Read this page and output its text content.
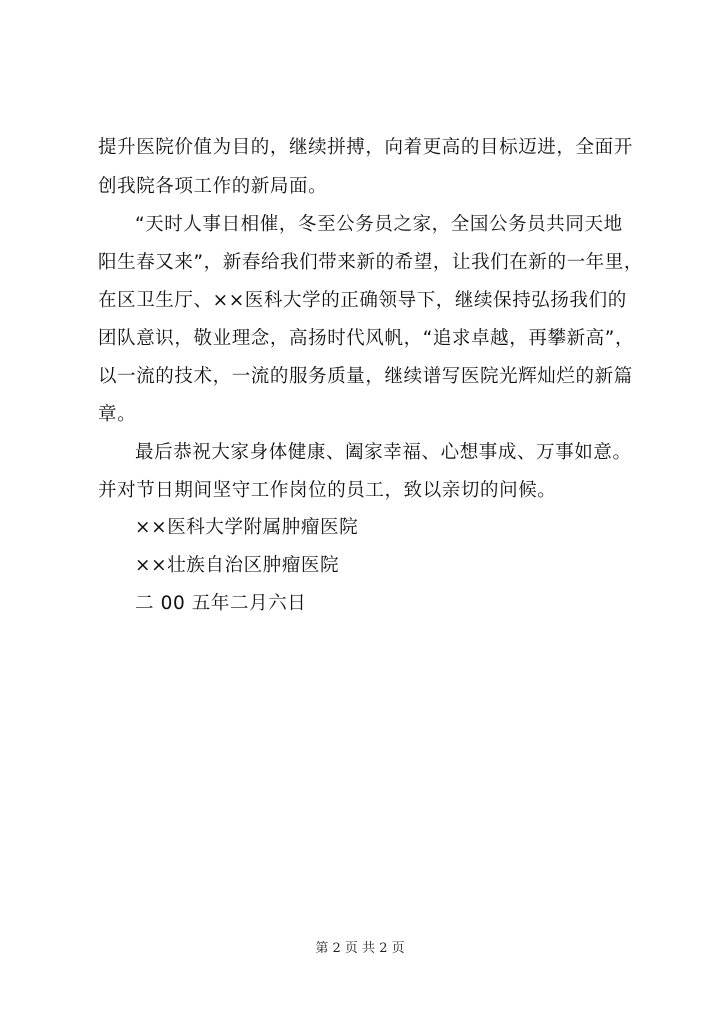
提升医院价值为目的，继续拼搏，向着更高的目标迈进，全面开
创我院各项工作的新局面。
“天时人事日相催，冬至公务员之家，全国公务员共同天地
阳生春又来”，新春给我们带来新的希望，让我们在新的一年里，
在区卫生厅、××医科大学的正确领导下，继续保持弘扬我们的
团队意识，敬业理念，高扬时代风帆，“追求卓越，再攀新高”，
以一流的技术，一流的服务质量，继续谱写医院光辉灿烂的新篇
章。
最后恭祝大家身体健康、阖家幸福、心想事成、万事如意。
并对节日期间坚守工作岗位的员工，致以亲切的问候。
××医科大学附属肿瘤医院
××壮族自治区肿瘤医院
二 00 五年二月六日
第 2 页 共 2 页
